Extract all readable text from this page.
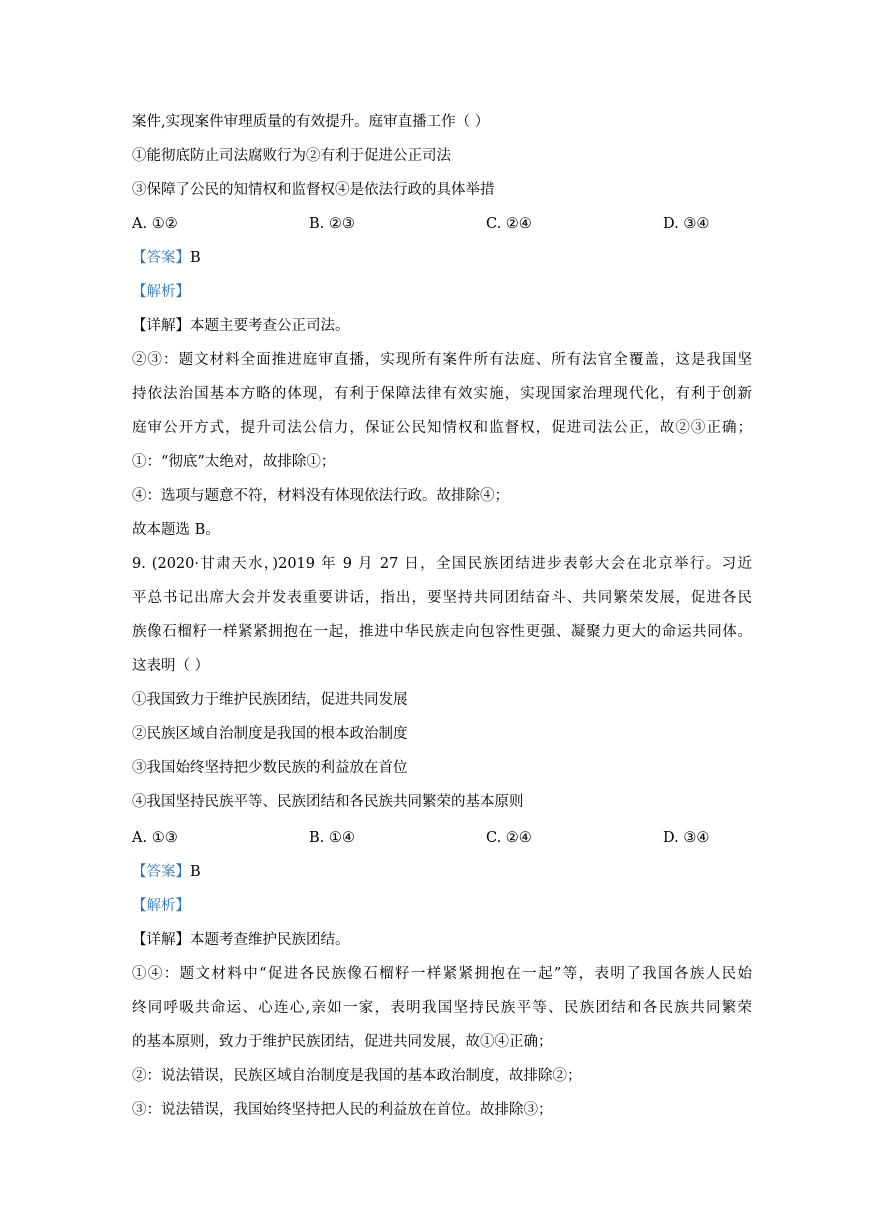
案件,实现案件审理质量的有效提升。庭审直播工作（ ）
①能彻底防止司法腐败行为②有利于促进公正司法
③保障了公民的知情权和监督权④是依法行政的具体举措
A. ①②	B. ②③	C. ②④	D. ③④
【答案】B
【解析】
【详解】本题主要考查公正司法。
②③：题文材料全面推进庭审直播，实现所有案件所有法庭、所有法官全覆盖，这是我国坚
持依法治国基本方略的体现，有利于保障法律有效实施，实现国家治理现代化，有利于创新
庭审公开方式，提升司法公信力，保证公民知情权和监督权，促进司法公正，故②③正确；
①：“彻底”太绝对，故排除①；
④：选项与题意不符，材料没有体现依法行政。故排除④；
故本题选 B。
9. (2020·甘肃天水，)2019 年 9 月 27 日，全国民族团结进步表彰大会在北京举行。习近
平总书记出席大会并发表重要讲话，指出，要坚持共同团结奋斗、共同繁荣发展，促进各民
族像石榴籽一样紧紧拥抱在一起，推进中华民族走向包容性更强、凝聚力更大的命运共同体。
这表明（ ）
①我国致力于维护民族团结，促进共同发展
②民族区域自治制度是我国的根本政治制度
③我国始终坚持把少数民族的利益放在首位
④我国坚持民族平等、民族团结和各民族共同繁荣的基本原则
A. ①③	B. ①④	C. ②④	D. ③④
【答案】B
【解析】
【详解】本题考查维护民族团结。
①④：题文材料中“促进各民族像石榴籽一样紧紧拥抱在一起”等，表明了我国各族人民始
终同呼吸共命运、心连心,亲如一家，表明我国坚持民族平等、民族团结和各民族共同繁荣
的基本原则，致力于维护民族团结，促进共同发展，故①④正确；
②：说法错误，民族区域自治制度是我国的基本政治制度，故排除②；
③：说法错误，我国始终坚持把人民的利益放在首位。故排除③；
